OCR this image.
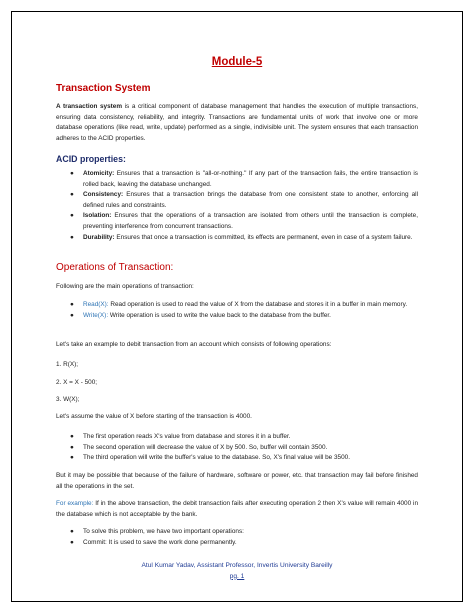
Module-5
Transaction System
A transaction system is a critical component of database management that handles the execution of multiple transactions, ensuring data consistency, reliability, and integrity. Transactions are fundamental units of work that involve one or more database operations (like read, write, update) performed as a single, indivisible unit. The system ensures that each transaction adheres to the ACID properties.
ACID properties:
● Atomicity: Ensures that a transaction is "all-or-nothing." If any part of the transaction fails, the entire transaction is rolled back, leaving the database unchanged.
● Consistency: Ensures that a transaction brings the database from one consistent state to another, enforcing all defined rules and constraints.
● Isolation: Ensures that the operations of a transaction are isolated from others until the transaction is complete, preventing interference from concurrent transactions.
● Durability: Ensures that once a transaction is committed, its effects are permanent, even in case of a system failure.
Operations of Transaction:
Following are the main operations of transaction:
● Read(X): Read operation is used to read the value of X from the database and stores it in a buffer in main memory.
● Write(X): Write operation is used to write the value back to the database from the buffer.
Let's take an example to debit transaction from an account which consists of following operations:
1. R(X);
2. X = X - 500;
3. W(X);
Let's assume the value of X before starting of the transaction is 4000.
● The first operation reads X's value from database and stores it in a buffer.
● The second operation will decrease the value of X by 500. So, buffer will contain 3500.
● The third operation will write the buffer's value to the database. So, X's final value will be 3500.
But it may be possible that because of the failure of hardware, software or power, etc. that transaction may fail before finished all the operations in the set.
For example: If in the above transaction, the debit transaction fails after executing operation 2 then X's value will remain 4000 in the database which is not acceptable by the bank.
● To solve this problem, we have two important operations:
● Commit: It is used to save the work done permanently.
Atul Kumar Yadav, Assistant Professor, Invertis University Bareilly
pg. 1
